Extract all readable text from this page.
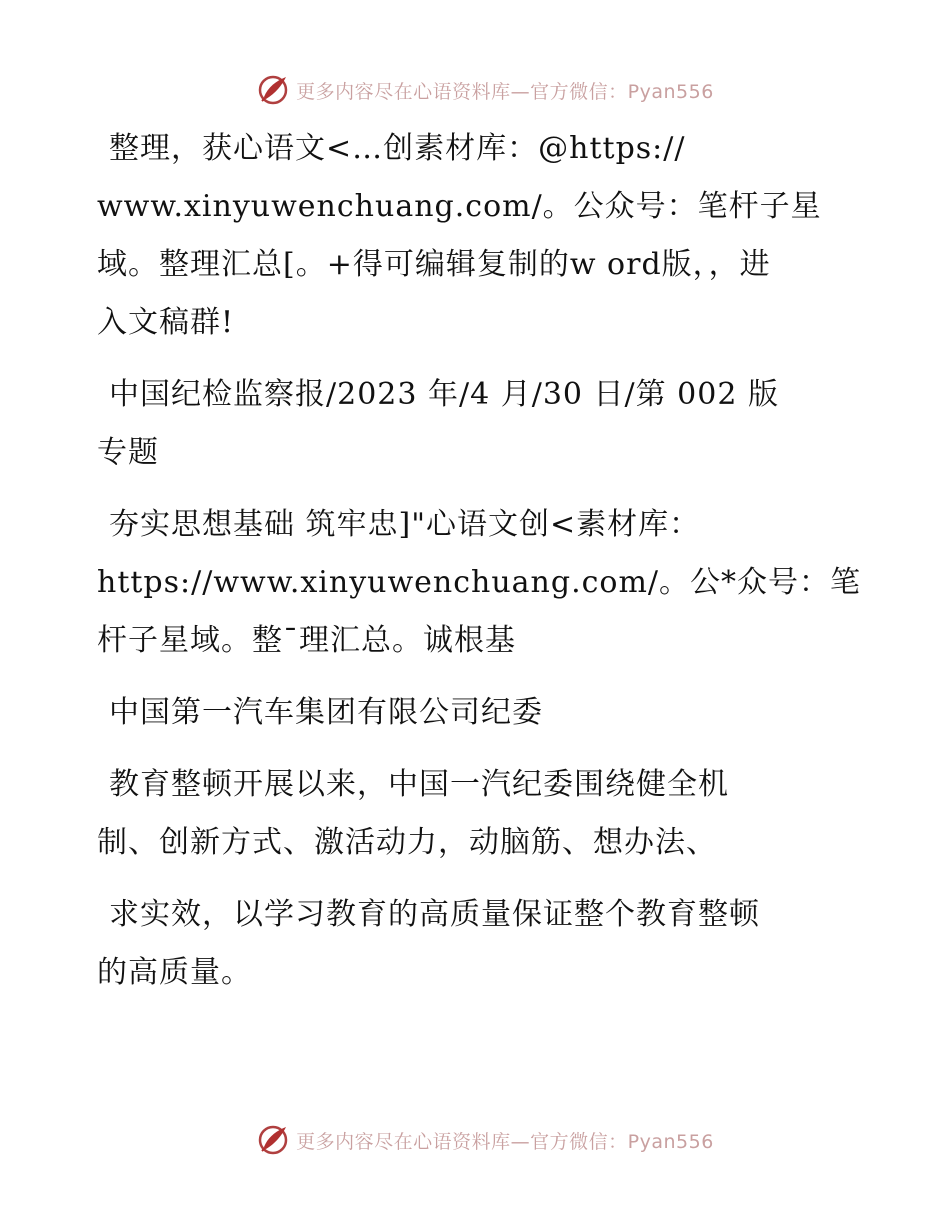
更多内容尽在心语资料库—官方微信：Pyan556

整理，获心语文<…创素材库：@https://

www.xinyuwenchuang.com/。公众号：笔杆子星

域。整理汇总[。+得可编辑复制的w ord版，，进

入文稿群!

中国纪检监察报/2023 年/4 月/30 日/第 002 版

专题

夯实思想基础 筑牢忠]"心语文创<素材库：

https://www.xinyuwenchuang.com/。公*众号：笔

杆子星域。整¯理汇总。诚根基

中国第一汽车集团有限公司纪委

教育整顿开展以来，中国一汽纪委围绕健全机

制、创新方式、激活动力，动脑筋、想办法、

求实效，以学习教育的高质量保证整个教育整顿

的高质量。

更多内容尽在心语资料库—官方微信：Pyan556
